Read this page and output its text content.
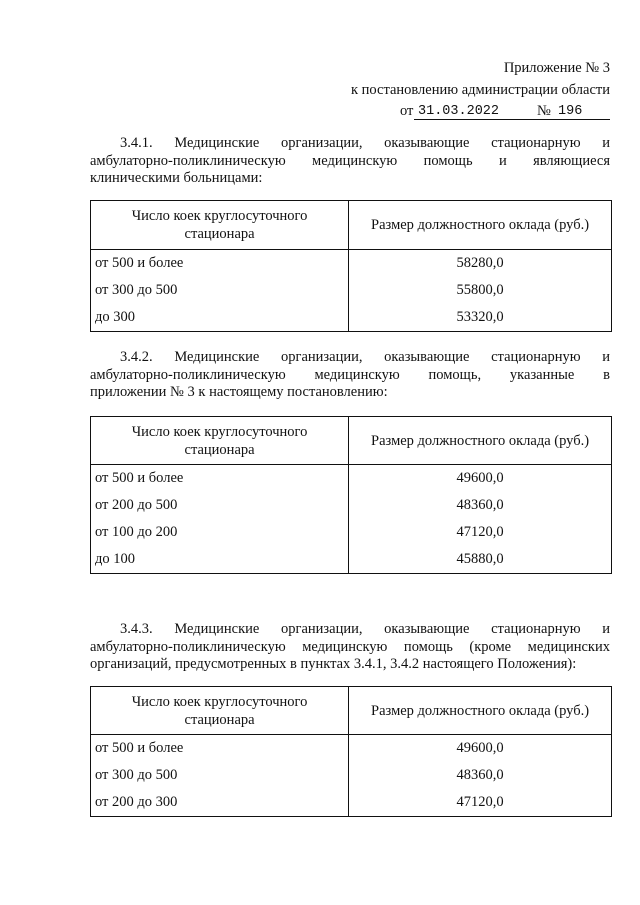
Приложение № 3
к постановлению администрации области
от 31.03.2022	№ 196
3.4.1. Медицинские организации, оказывающие стационарную и
амбулаторно-поликлиническую медицинскую помощь и являющиеся
клиническими больницами:
Число коек круглосуточного стационара	Размер должностного оклада (руб.)
от 500 и более	58280,0
от 300 до 500	55800,0
до 300	53320,0
3.4.2. Медицинские организации, оказывающие стационарную и
амбулаторно-поликлиническую медицинскую помощь, указанные в
приложении № 3 к настоящему постановлению:
Число коек круглосуточного стационара	Размер должностного оклада (руб.)
от 500 и более	49600,0
от 200 до 500	48360,0
от 100 до 200	47120,0
до 100	45880,0
3.4.3. Медицинские организации, оказывающие стационарную и
амбулаторно-поликлиническую медицинскую помощь (кроме медицинских
организаций, предусмотренных в пунктах 3.4.1, 3.4.2 настоящего Положения):
Число коек круглосуточного стационара	Размер должностного оклада (руб.)
от 500 и более	49600,0
от 300 до 500	48360,0
от 200 до 300	47120,0
